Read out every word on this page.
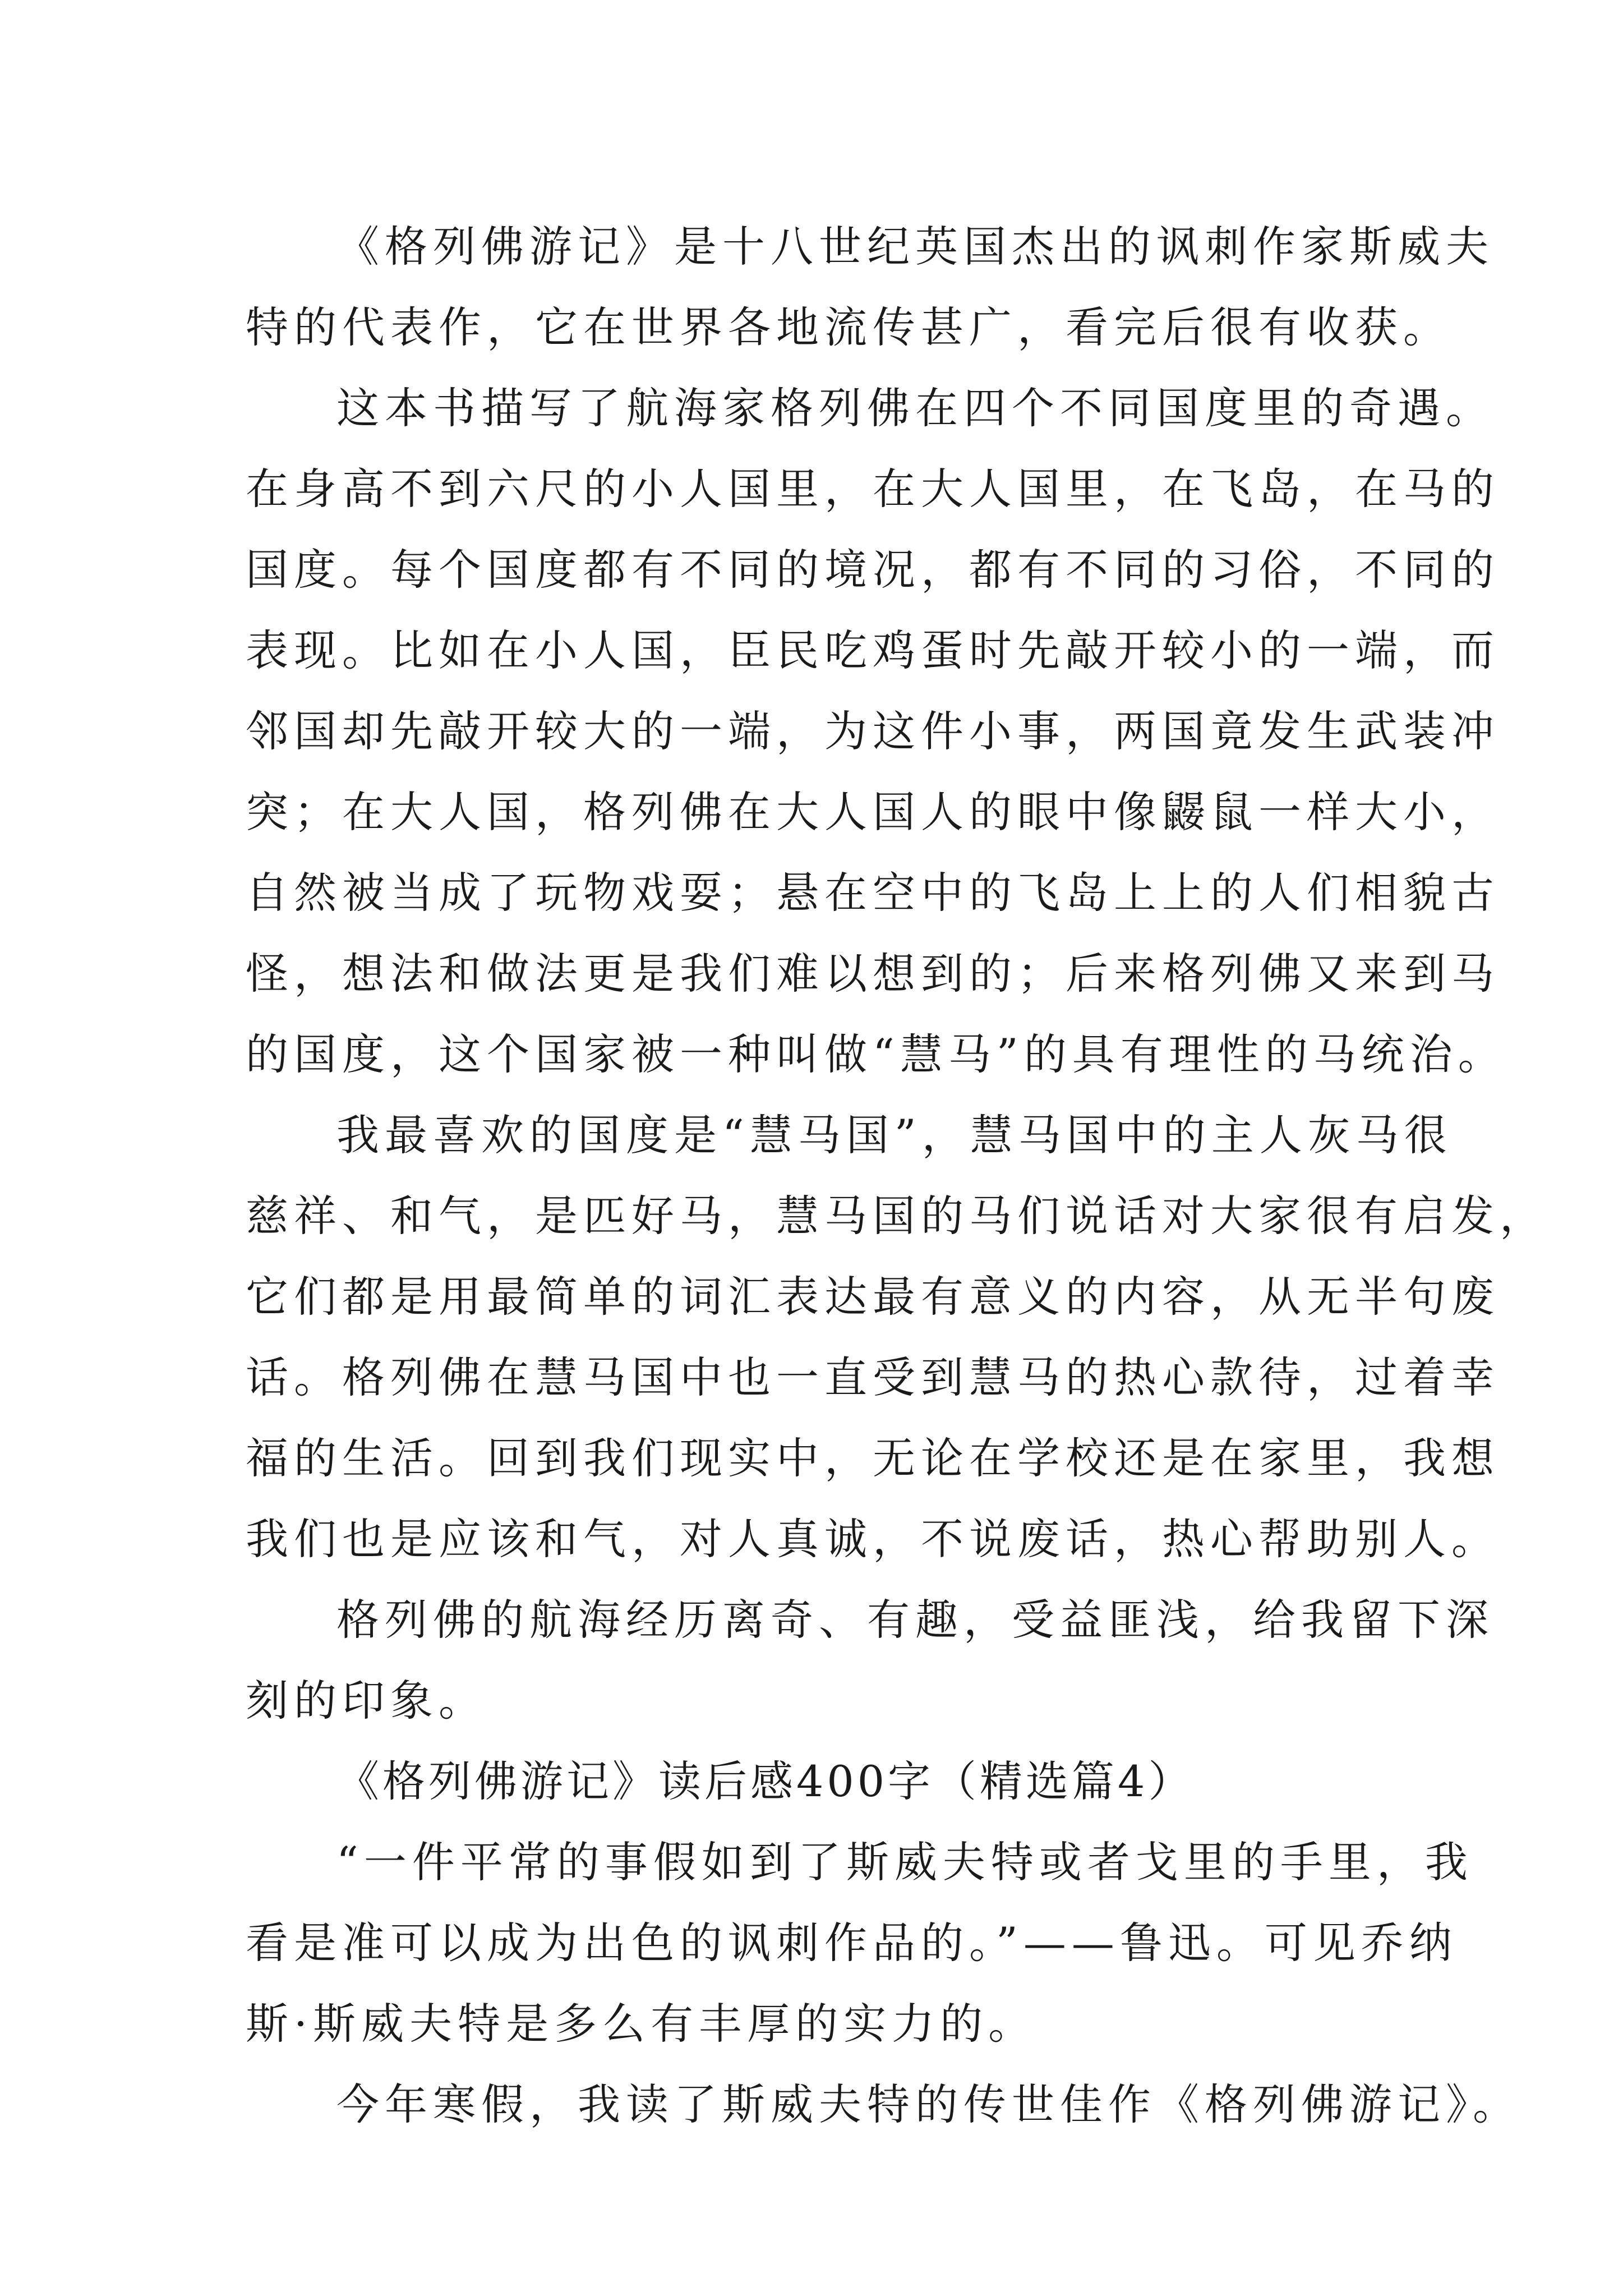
《格列佛游记》是十八世纪英国杰出的讽刺作家斯威夫
特的代表作，它在世界各地流传甚广，看完后很有收获。
这本书描写了航海家格列佛在四个不同国度里的奇遇。
在身高不到六尺的小人国里，在大人国里，在飞岛，在马的
国度。每个国度都有不同的境况，都有不同的习俗，不同的
表现。比如在小人国，臣民吃鸡蛋时先敲开较小的一端，而
邻国却先敲开较大的一端，为这件小事，两国竟发生武装冲
突；在大人国，格列佛在大人国人的眼中像鼹鼠一样大小，
自然被当成了玩物戏耍；悬在空中的飞岛上上的人们相貌古
怪，想法和做法更是我们难以想到的；后来格列佛又来到马
的国度，这个国家被一种叫做“慧马”的具有理性的马统治。
我最喜欢的国度是“慧马国”，慧马国中的主人灰马很
慈祥、和气，是匹好马，慧马国的马们说话对大家很有启发，
它们都是用最简单的词汇表达最有意义的内容，从无半句废
话。格列佛在慧马国中也一直受到慧马的热心款待，过着幸
福的生活。回到我们现实中，无论在学校还是在家里，我想
我们也是应该和气，对人真诚，不说废话，热心帮助别人。
格列佛的航海经历离奇、有趣，受益匪浅，给我留下深
刻的印象。
《格列佛游记》读后感400字（精选篇4）
“一件平常的事假如到了斯威夫特或者戈里的手里，我
看是准可以成为出色的讽刺作品的。”——鲁迅。可见乔纳
斯·斯威夫特是多么有丰厚的实力的。
今年寒假，我读了斯威夫特的传世佳作《格列佛游记》。
